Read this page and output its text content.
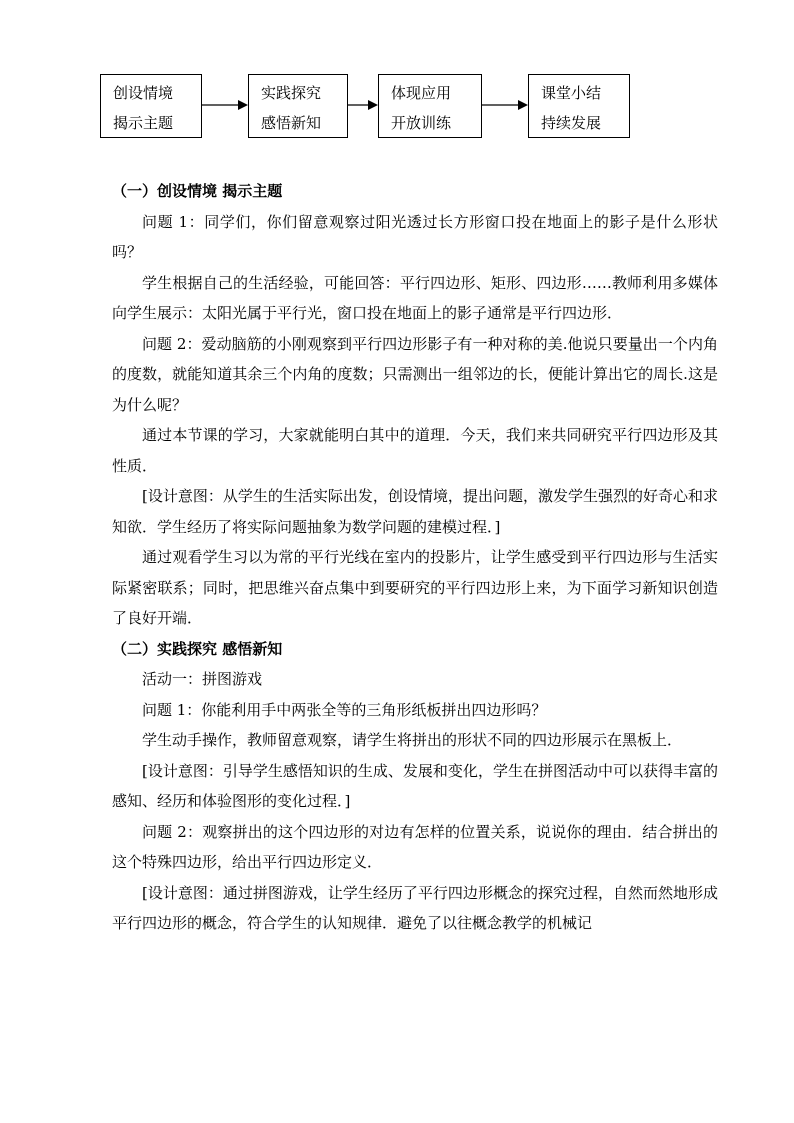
创设情境
揭示主题
实践探究
感悟新知
体现应用
开放训练
课堂小结
持续发展
（一）创设情境 揭示主题

问题 1：同学们，你们留意观察过阳光透过长方形窗口投在地面上的影子是什么形状吗？

学生根据自己的生活经验，可能回答：平行四边形、矩形、四边形……教师利用多媒体向学生展示：太阳光属于平行光，窗口投在地面上的影子通常是平行四边形．

问题 2：爱动脑筋的小刚观察到平行四边形影子有一种对称的美.他说只要量出一个内角的度数，就能知道其余三个内角的度数；只需测出一组邻边的长，便能计算出它的周长.这是为什么呢？

通过本节课的学习，大家就能明白其中的道理．今天，我们来共同研究平行四边形及其性质．

[设计意图：从学生的生活实际出发，创设情境，提出问题，激发学生强烈的好奇心和求知欲．学生经历了将实际问题抽象为数学问题的建模过程．]

通过观看学生习以为常的平行光线在室内的投影片，让学生感受到平行四边形与生活实际紧密联系；同时，把思维兴奋点集中到要研究的平行四边形上来，为下面学习新知识创造了良好开端．

（二）实践探究 感悟新知

活动一：拼图游戏

问题 1：你能利用手中两张全等的三角形纸板拼出四边形吗？

学生动手操作，教师留意观察，请学生将拼出的形状不同的四边形展示在黑板上．

[设计意图：引导学生感悟知识的生成、发展和变化，学生在拼图活动中可以获得丰富的感知、经历和体验图形的变化过程．]

问题 2：观察拼出的这个四边形的对边有怎样的位置关系，说说你的理由．结合拼出的这个特殊四边形，给出平行四边形定义．

[设计意图：通过拼图游戏，让学生经历了平行四边形概念的探究过程，自然而然地形成平行四边形的概念，符合学生的认知规律．避免了以往概念教学的机械记
